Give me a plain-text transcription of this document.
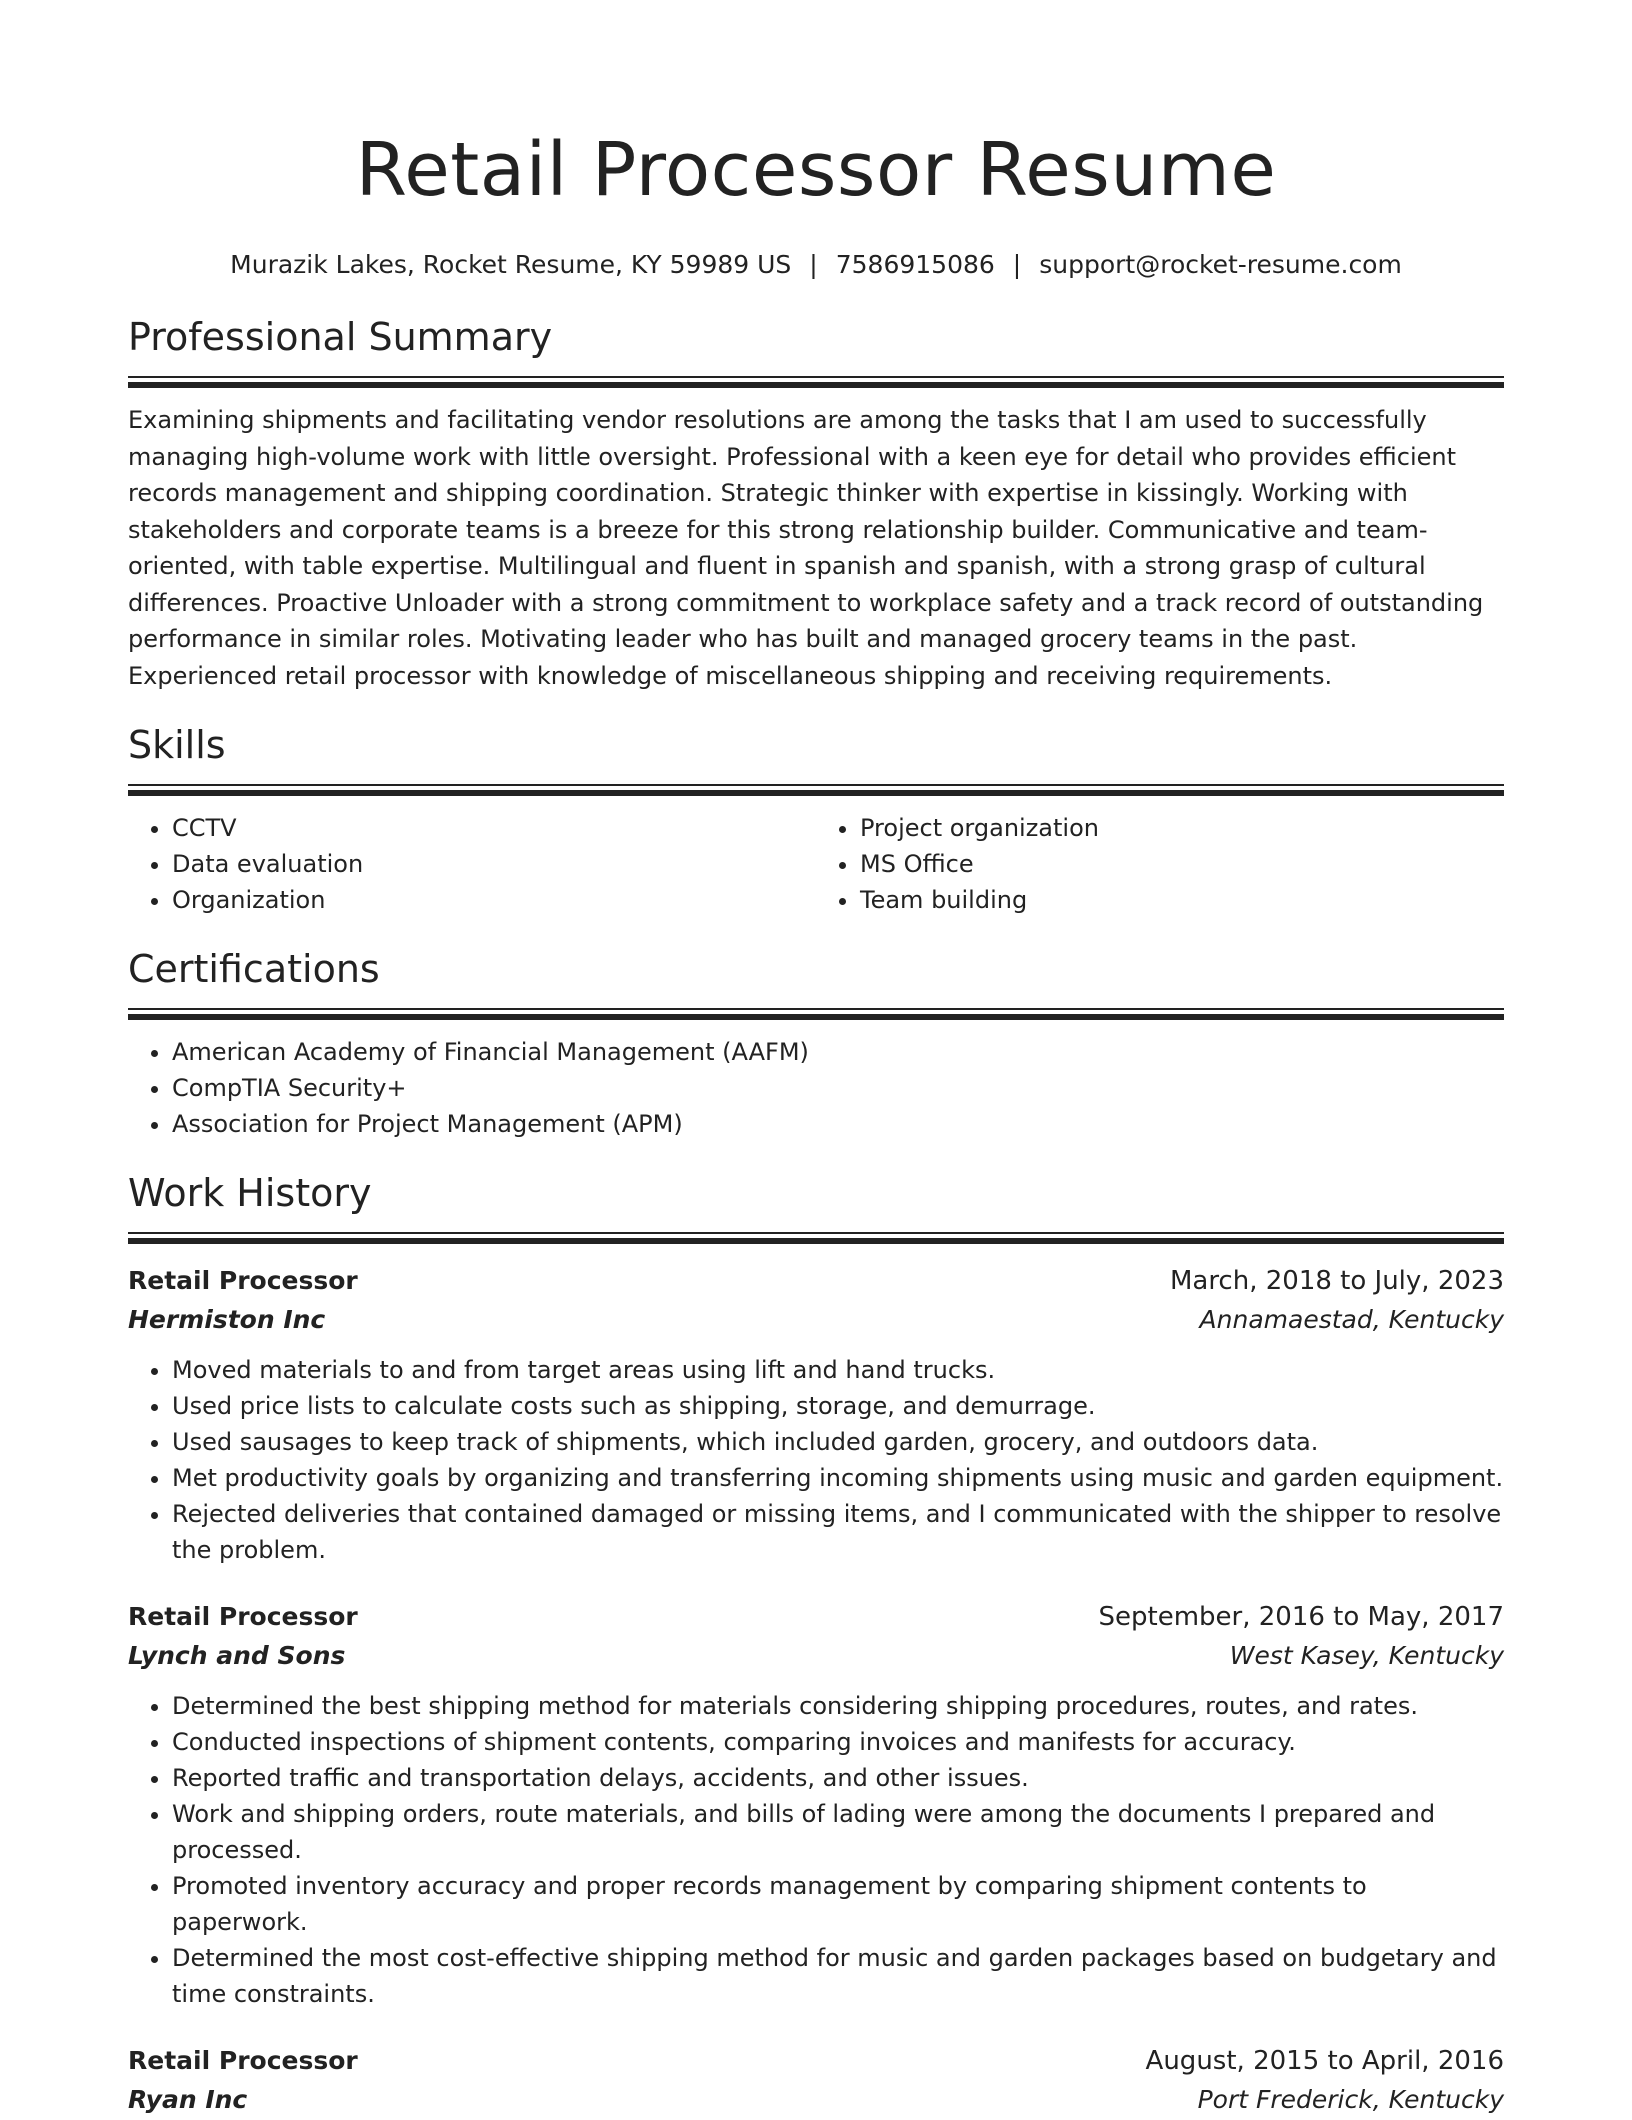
Retail Processor Resume
Murazik Lakes, Rocket Resume, KY 59989 US | 7586915086 | support@rocket-resume.com
Professional Summary

Examining shipments and facilitating vendor resolutions are among the tasks that I am used to successfully managing high-volume work with little oversight. Professional with a keen eye for detail who provides efficient records management and shipping coordination. Strategic thinker with expertise in kissingly. Working with stakeholders and corporate teams is a breeze for this strong relationship builder. Communicative and team-oriented, with table expertise. Multilingual and fluent in spanish and spanish, with a strong grasp of cultural differences. Proactive Unloader with a strong commitment to workplace safety and a track record of outstanding performance in similar roles. Motivating leader who has built and managed grocery teams in the past. Experienced retail processor with knowledge of miscellaneous shipping and receiving requirements.

Skills
• CCTV
• Data evaluation
• Organization
• Project organization
• MS Office
• Team building
Certifications
• American Academy of Financial Management (AAFM)
• CompTIA Security+
• Association for Project Management (APM)
Work History
Retail Processor	March, 2018 to July, 2023
Hermiston Inc	Annamaestad, Kentucky
• Moved materials to and from target areas using lift and hand trucks.
• Used price lists to calculate costs such as shipping, storage, and demurrage.
• Used sausages to keep track of shipments, which included garden, grocery, and outdoors data.
• Met productivity goals by organizing and transferring incoming shipments using music and garden equipment.
• Rejected deliveries that contained damaged or missing items, and I communicated with the shipper to resolve the problem.
Retail Processor	September, 2016 to May, 2017
Lynch and Sons	West Kasey, Kentucky
• Determined the best shipping method for materials considering shipping procedures, routes, and rates.
• Conducted inspections of shipment contents, comparing invoices and manifests for accuracy.
• Reported traffic and transportation delays, accidents, and other issues.
• Work and shipping orders, route materials, and bills of lading were among the documents I prepared and processed.
• Promoted inventory accuracy and proper records management by comparing shipment contents to paperwork.
• Determined the most cost-effective shipping method for music and garden packages based on budgetary and time constraints.
Retail Processor	August, 2015 to April, 2016
Ryan Inc	Port Frederick, Kentucky
